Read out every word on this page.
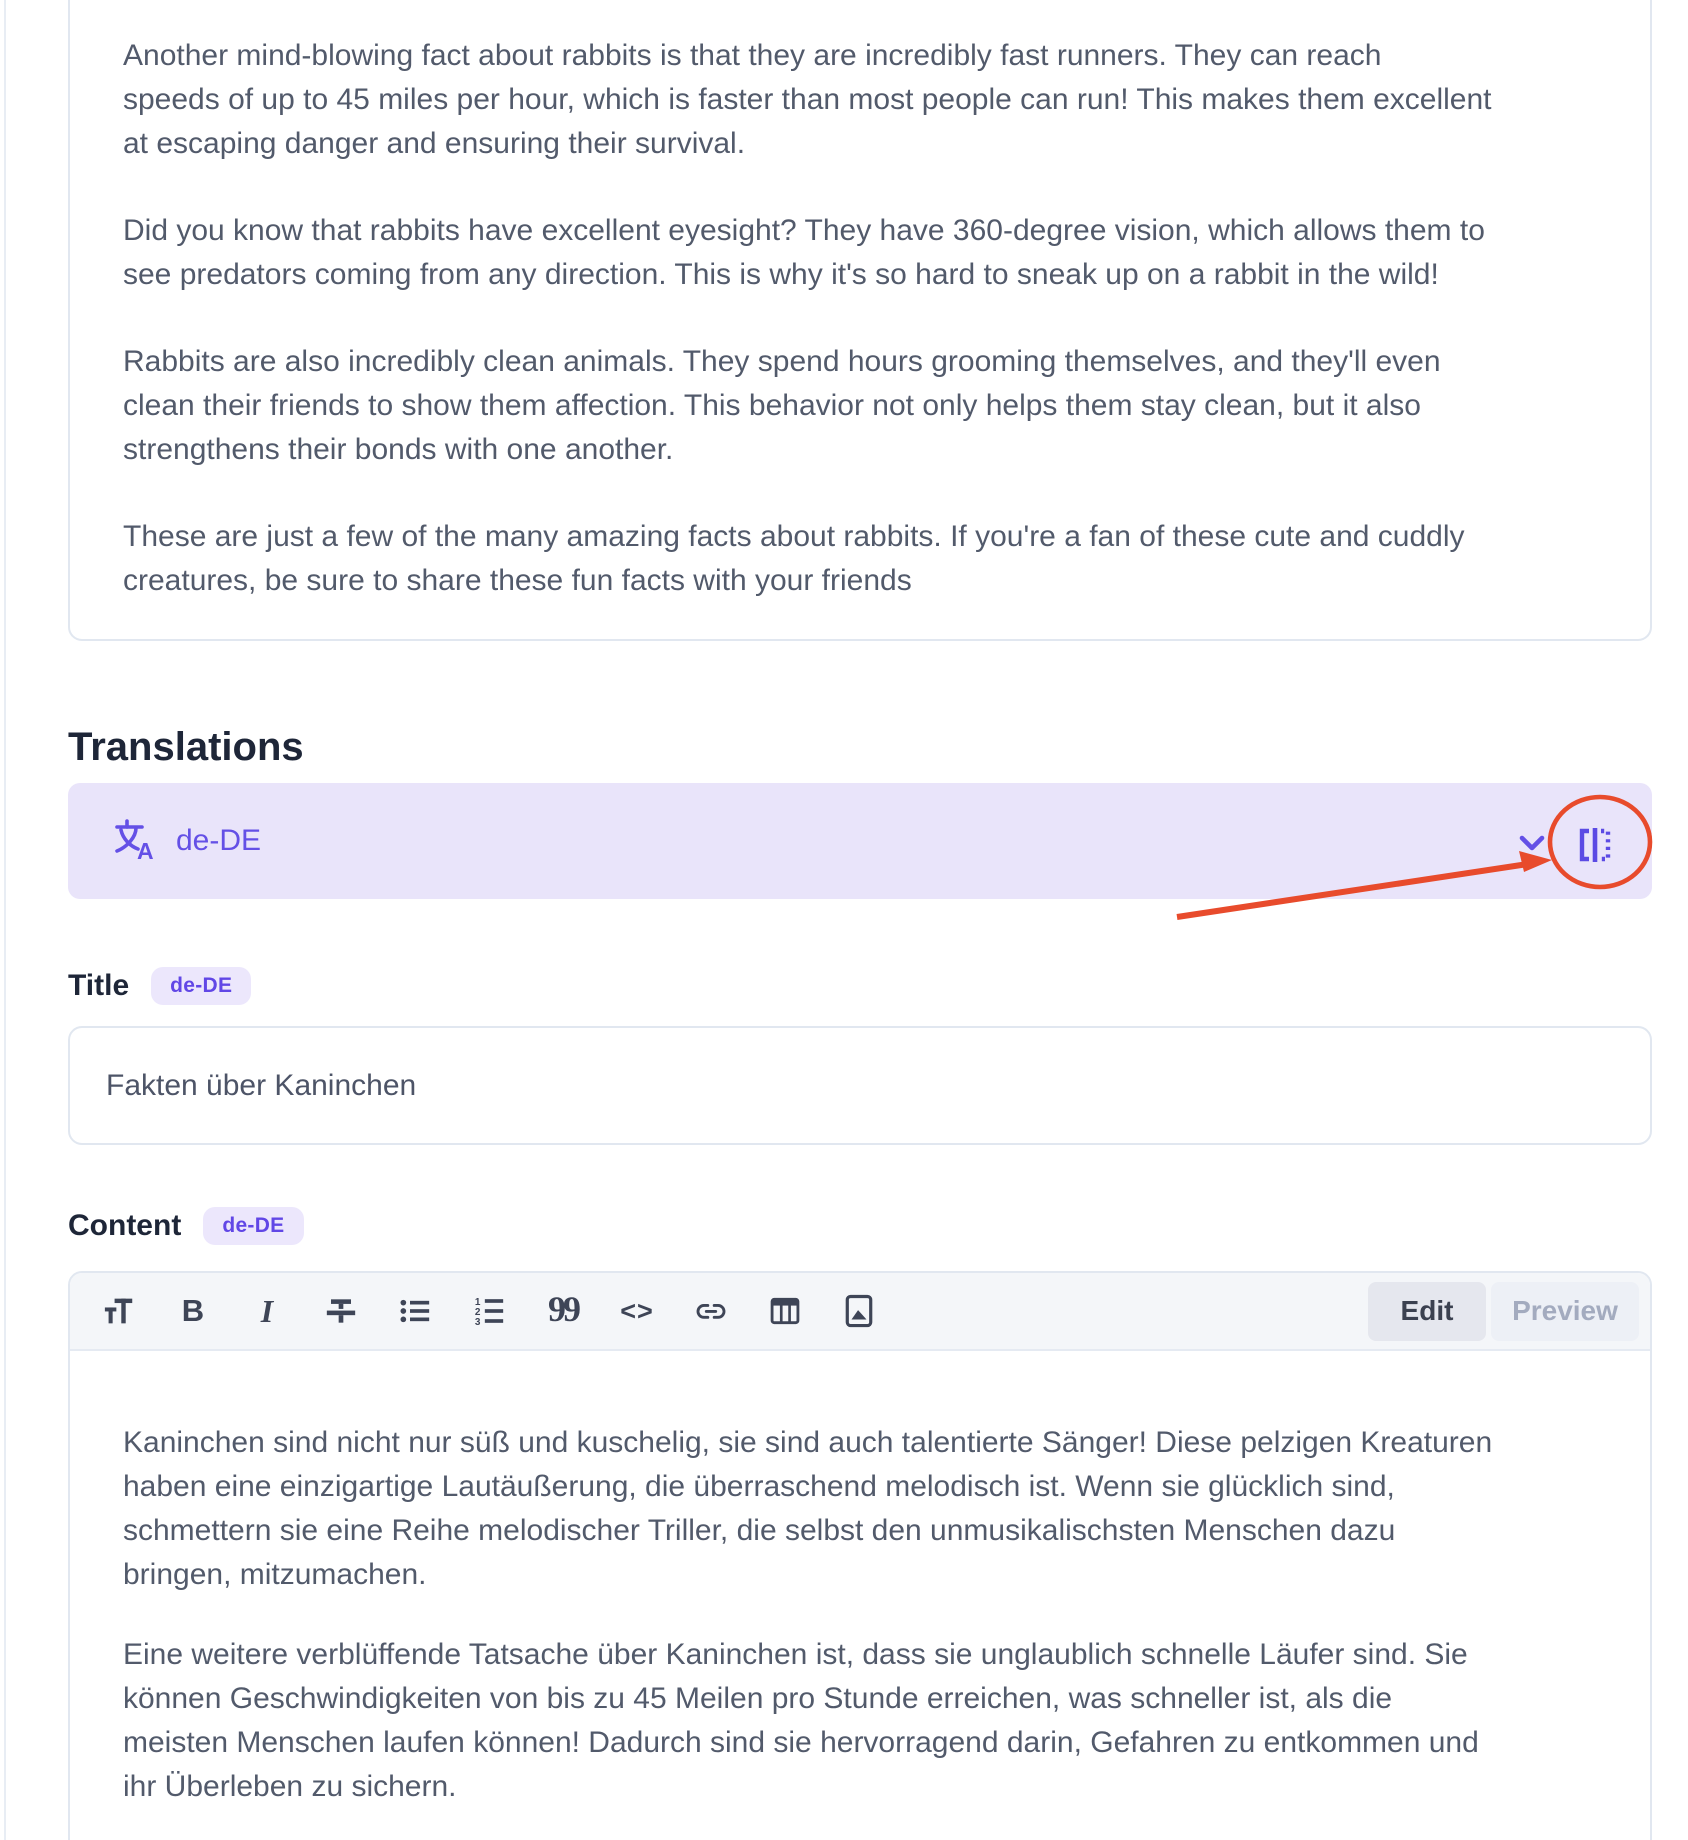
Another mind-blowing fact about rabbits is that they are incredibly fast runners. They can reach
speeds of up to 45 miles per hour, which is faster than most people can run! This makes them excellent
at escaping danger and ensuring their survival.
Did you know that rabbits have excellent eyesight? They have 360-degree vision, which allows them to
see predators coming from any direction. This is why it's so hard to sneak up on a rabbit in the wild!
Rabbits are also incredibly clean animals. They spend hours grooming themselves, and they'll even
clean their friends to show them affection. This behavior not only helps them stay clean, but it also
strengthens their bonds with one another.
These are just a few of the many amazing facts about rabbits. If you're a fan of these cute and cuddly
creatures, be sure to share these fun facts with your friends
Translations
A de-DE
Title	de-DE
Fakten über Kaninchen
Content	de-DE
B I	1
2
3 99 <>	Edit	Preview
Kaninchen sind nicht nur süß und kuschelig, sie sind auch talentierte Sänger! Diese pelzigen Kreaturen
haben eine einzigartige Lautäußerung, die überraschend melodisch ist. Wenn sie glücklich sind,
schmettern sie eine Reihe melodischer Triller, die selbst den unmusikalischsten Menschen dazu
bringen, mitzumachen.
Eine weitere verblüffende Tatsache über Kaninchen ist, dass sie unglaublich schnelle Läufer sind. Sie
können Geschwindigkeiten von bis zu 45 Meilen pro Stunde erreichen, was schneller ist, als die
meisten Menschen laufen können! Dadurch sind sie hervorragend darin, Gefahren zu entkommen und
ihr Überleben zu sichern.
